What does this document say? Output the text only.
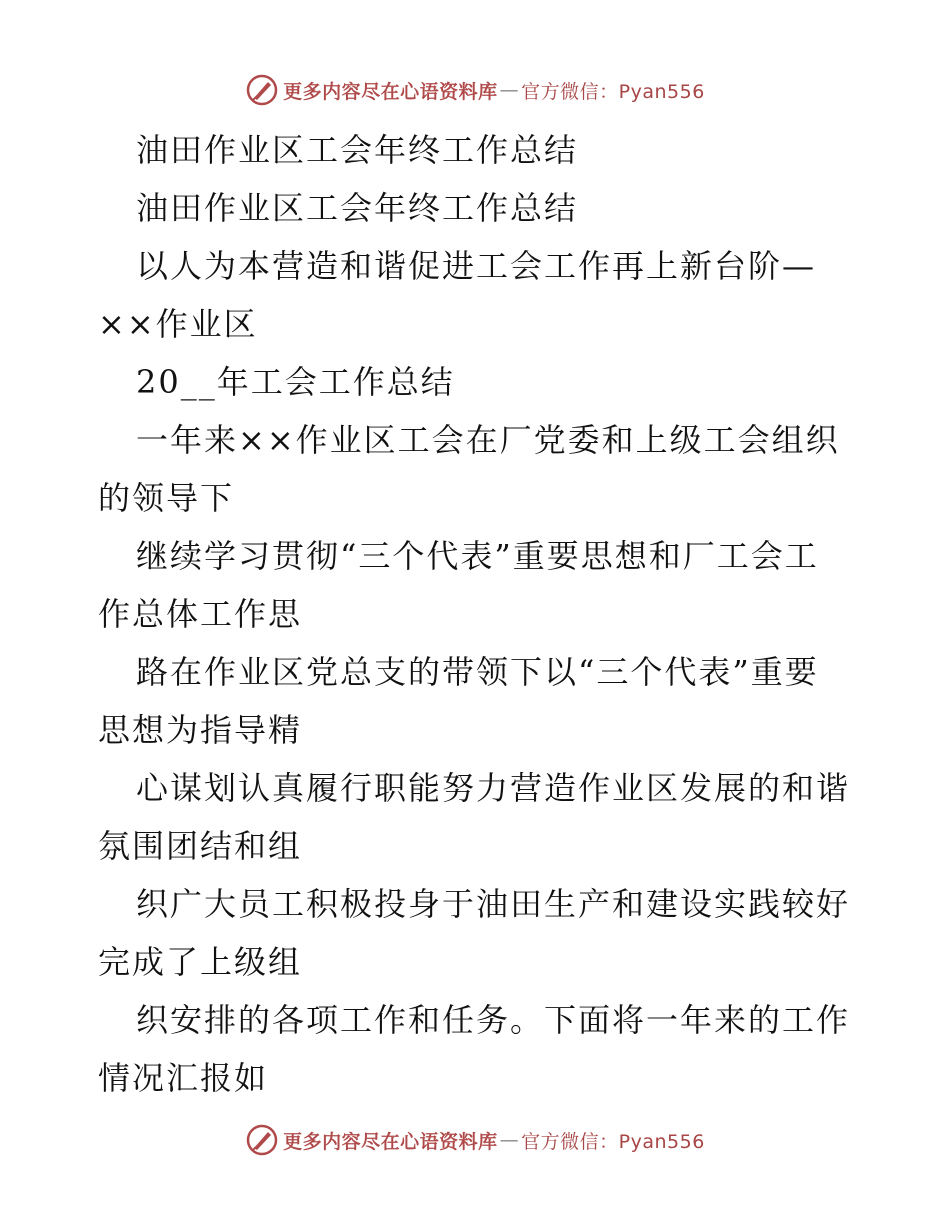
更多内容尽在心语资料库 — 官方微信：Pyan556
油田作业区工会年终工作总结
油田作业区工会年终工作总结
以人为本营造和谐促进工会工作再上新台阶—
××作业区
20__年工会工作总结
一年来××作业区工会在厂党委和上级工会组织
的领导下
继续学习贯彻“三个代表”重要思想和厂工会工
作总体工作思
路在作业区党总支的带领下以“三个代表”重要
思想为指导精
心谋划认真履行职能努力营造作业区发展的和谐
氛围团结和组
织广大员工积极投身于油田生产和建设实践较好
完成了上级组
织安排的各项工作和任务。下面将一年来的工作
情况汇报如
更多内容尽在心语资料库 — 官方微信：Pyan556
